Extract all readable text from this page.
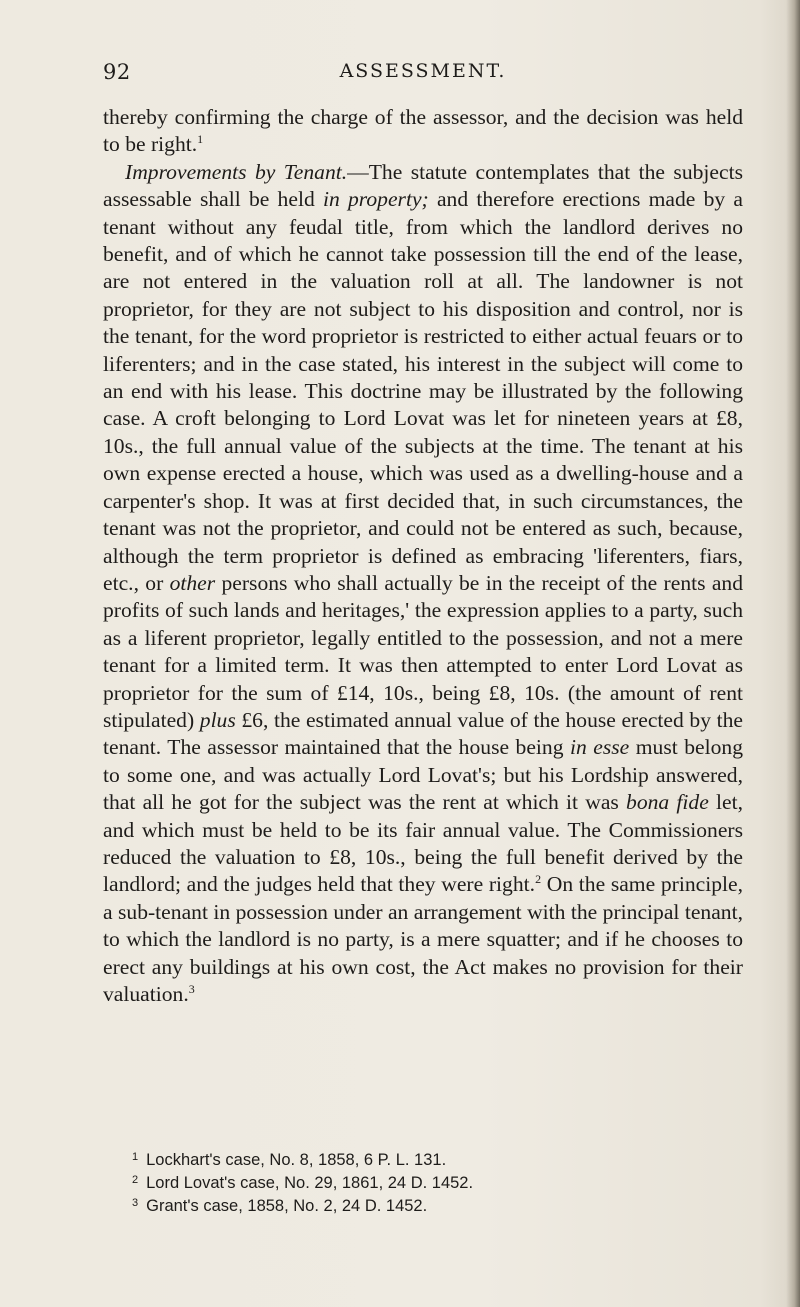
92	ASSESSMENT.

thereby confirming the charge of the assessor, and the decision was held to be right.$^1$

Improvements by Tenant.—The statute contemplates that the subjects assessable shall be held in property; and therefore erections made by a tenant without any feudal title, from which the landlord derives no benefit, and of which he cannot take possession till the end of the lease, are not entered in the valuation roll at all. The landowner is not proprietor, for they are not subject to his disposition and control, nor is the tenant, for the word proprietor is restricted to either actual feuars or to liferenters; and in the case stated, his interest in the subject will come to an end with his lease. This doctrine may be illustrated by the following case. A croft belonging to Lord Lovat was let for nineteen years at £8, 10s., the full annual value of the subjects at the time. The tenant at his own expense erected a house, which was used as a dwelling-house and a carpenter's shop. It was at first decided that, in such circumstances, the tenant was not the proprietor, and could not be entered as such, because, although the term proprietor is defined as embracing 'liferenters, fiars, etc., or other persons who shall actually be in the receipt of the rents and profits of such lands and heritages,' the expression applies to a party, such as a liferent proprietor, legally entitled to the possession, and not a mere tenant for a limited term. It was then attempted to enter Lord Lovat as proprietor for the sum of £14, 10s., being £8, 10s. (the amount of rent stipulated) plus £6, the estimated annual value of the house erected by the tenant. The assessor maintained that the house being in esse must belong to some one, and was actually Lord Lovat's; but his Lordship answered, that all he got for the subject was the rent at which it was bona fide let, and which must be held to be its fair annual value. The Commissioners reduced the valuation to £8, 10s., being the full benefit derived by the landlord; and the judges held that they were right.$^2$ On the same principle, a sub-tenant in possession under an arrangement with the principal tenant, to which the landlord is no party, is a mere squatter; and if he chooses to erect any buildings at his own cost, the Act makes no provision for their valuation.$^3$

$^1$ Lockhart's case, No. 8, 1858, 6 P. L. 131.
$^2$ Lord Lovat's case, No. 29, 1861, 24 D. 1452.
$^3$ Grant's case, 1858, No. 2, 24 D. 1452.
